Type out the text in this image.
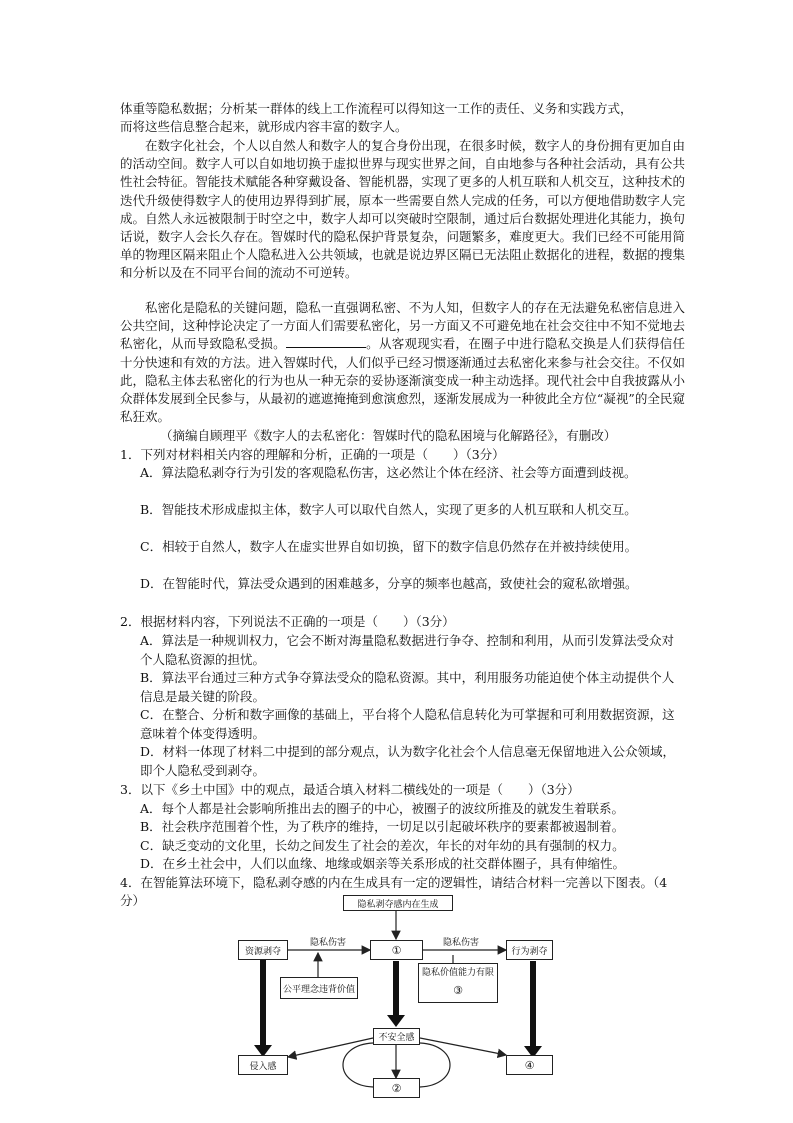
体重等隐私数据；分析某一群体的线上工作流程可以得知这一工作的责任、义务和实践方式，

而将这些信息整合起来，就形成内容丰富的数字人。

在数字化社会，个人以自然人和数字人的复合身份出现，在很多时候，数字人的身份拥有更加自由的活动空间。数字人可以自如地切换于虚拟世界与现实世界之间，自由地参与各种社会活动，具有公共性社会特征。智能技术赋能各种穿戴设备、智能机器，实现了更多的人机互联和人机交互，这种技术的迭代升级使得数字人的使用边界得到扩展，原本一些需要自然人完成的任务，可以方便地借助数字人完成。自然人永远被限制于时空之中，数字人却可以突破时空限制，通过后台数据处理进化其能力，换句话说，数字人会长久存在。智媒时代的隐私保护背景复杂，问题繁多，难度更大。我们已经不可能用简单的物理区隔来阻止个人隐私进入公共领域，也就是说边界区隔已无法阻止数据化的进程，数据的搜集和分析以及在不同平台间的流动不可逆转。

私密化是隐私的关键问题，隐私一直强调私密、不为人知，但数字人的存在无法避免私密信息进入公共空间，这种悖论决定了一方面人们需要私密化，另一方面又不可避免地在社会交往中不知不觉地去私密化，从而导致隐私受损。	。从客观现实看，在圈子中进行隐私交换是人们获得信任十分快速和有效的方法。进入智媒时代，人们似乎已经习惯逐渐通过去私密化来参与社会交往。不仅如此，隐私主体去私密化的行为也从一种无奈的妥协逐渐演变成一种主动选择。现代社会中自我披露从小众群体发展到全民参与，从最初的遮遮掩掩到愈演愈烈，逐渐发展成为一种彼此全方位“凝视”的全民窥私狂欢。

（摘编自顾理平《数字人的去私密化：智媒时代的隐私困境与化解路径》，有删改）

1．下列对材料相关内容的理解和分析，正确的一项是（　　）（3分）

A．算法隐私剥夺行为引发的客观隐私伤害，这必然让个体在经济、社会等方面遭到歧视。

B．智能技术形成虚拟主体，数字人可以取代自然人，实现了更多的人机互联和人机交互。

C．相较于自然人，数字人在虚实世界自如切换，留下的数字信息仍然存在并被持续使用。

D．在智能时代，算法受众遇到的困难越多，分享的频率也越高，致使社会的窥私欲增强。

2．根据材料内容，下列说法不正确的一项是（　　）（3分）

A．算法是一种规训权力，它会不断对海量隐私数据进行争夺、控制和利用，从而引发算法受众对个人隐私资源的担忧。

B．算法平台通过三种方式争夺算法受众的隐私资源。其中，利用服务功能迫使个体主动提供个人信息是最关键的阶段。

C．在整合、分析和数字画像的基础上，平台将个人隐私信息转化为可掌握和可利用数据资源，这意味着个体变得透明。

D．材料一体现了材料二中提到的部分观点，认为数字化社会个人信息毫无保留地进入公众领域，即个人隐私受到剥夺。

3．以下《乡土中国》中的观点，最适合填入材料二横线处的一项是（　　）（3分）

A．每个人都是社会影响所推出去的圈子的中心，被圈子的波纹所推及的就发生着联系。

B．社会秩序范围着个性，为了秩序的维持，一切足以引起破坏秩序的要素都被遏制着。

C．缺乏变动的文化里，长幼之间发生了社会的差次，年长的对年幼的具有强制的权力。

D．在乡土社会中，人们以血缘、地缘或姻亲等关系形成的社交群体圈子，具有伸缩性。

4．在智能算法环境下，隐私剥夺感的内在生成具有一定的逻辑性，请结合材料一完善以下图表。（4分）	隐私剥夺感内在生成
资源剥夺
隐私伤害
①
隐私伤害
行为剥夺
公平理念违背价值
隐私价值能力有限
③
不安全感
侵入感	④
②
